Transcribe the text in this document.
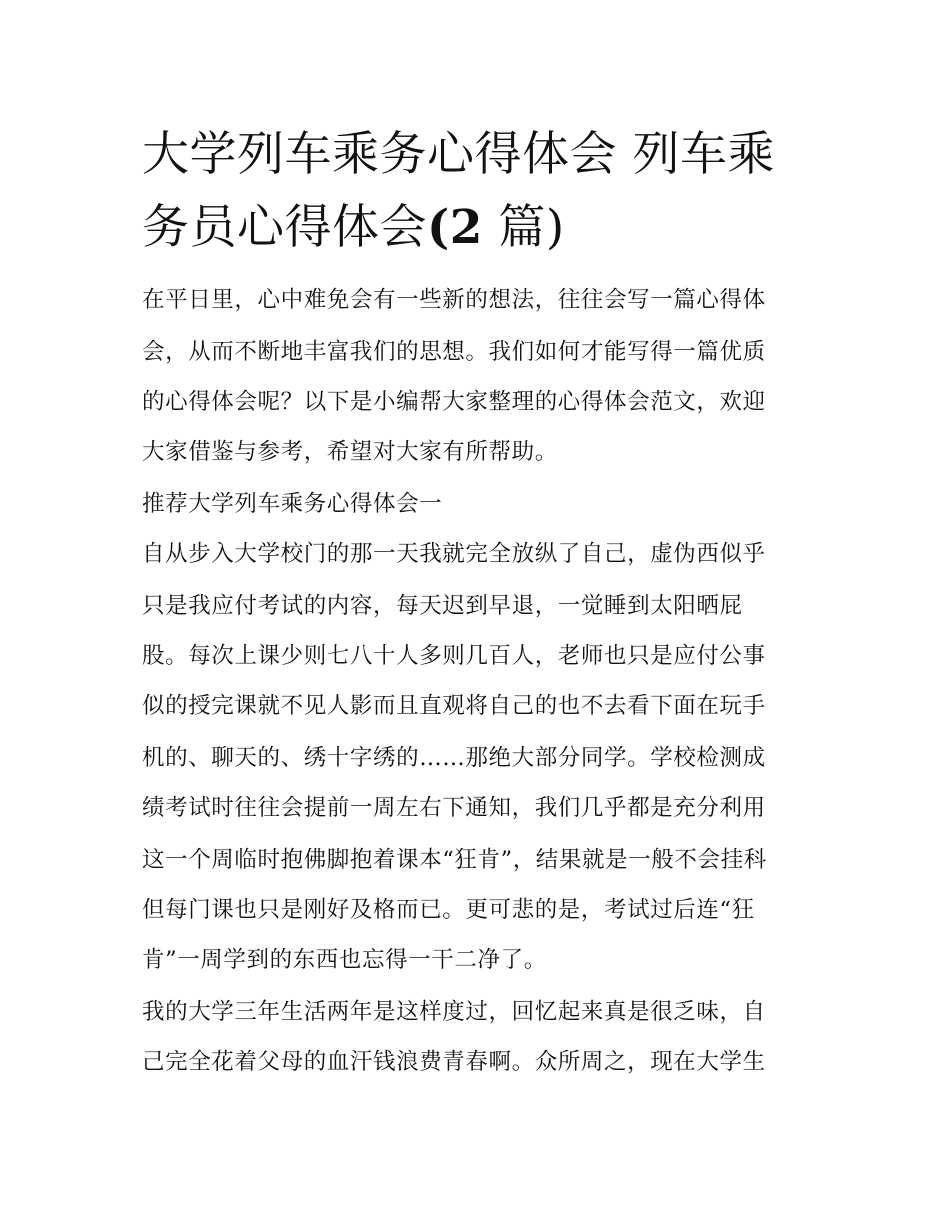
大学列车乘务心得体会 列车乘务员心得体会(2 篇)

在平日里，心中难免会有一些新的想法，往往会写一篇心得体

会，从而不断地丰富我们的思想。我们如何才能写得一篇优质

的心得体会呢？以下是小编帮大家整理的心得体会范文，欢迎

大家借鉴与参考，希望对大家有所帮助。

推荐大学列车乘务心得体会一

自从步入大学校门的那一天我就完全放纵了自己，虚伪西似乎

只是我应付考试的内容，每天迟到早退，一觉睡到太阳晒屁

股。每次上课少则七八十人多则几百人，老师也只是应付公事

似的授完课就不见人影而且直观将自己的也不去看下面在玩手

机的、聊天的、绣十字绣的……那绝大部分同学。学校检测成

绩考试时往往会提前一周左右下通知，我们几乎都是充分利用

这一个周临时抱佛脚抱着课本“狂肯”，结果就是一般不会挂科

但每门课也只是刚好及格而已。更可悲的是，考试过后连“狂

肯”一周学到的东西也忘得一干二净了。

我的大学三年生活两年是这样度过，回忆起来真是很乏味，自

己完全花着父母的血汗钱浪费青春啊。众所周之，现在大学生
